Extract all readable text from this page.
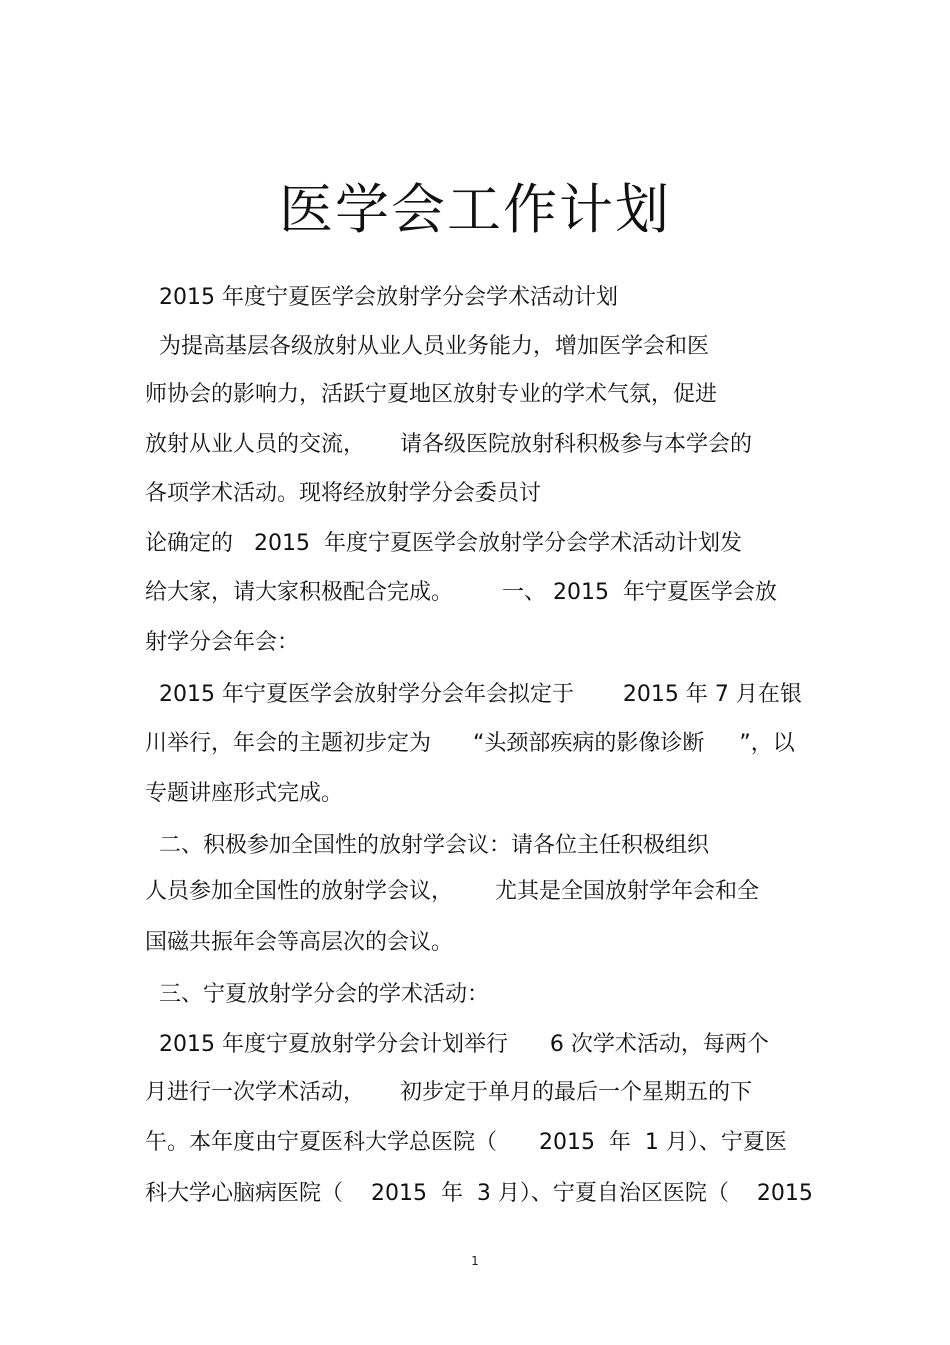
医学会工作计划
2015 年度宁夏医学会放射学分会学术活动计划
为提高基层各级放射从业人员业务能力，增加医学会和医
师协会的影响力，活跃宁夏地区放射专业的学术气氛，促进
放射从业人员的交流，     请各级医院放射科积极参与本学会的
各项学术活动。现将经放射学分会委员讨
论确定的   2015  年度宁夏医学会放射学分会学术活动计划发
给大家，请大家积极配合完成。       一、 2015  年宁夏医学会放
射学分会年会：
2015 年宁夏医学会放射学分会年会拟定于       2015 年 7 月在银
川举行，年会的主题初步定为      “头颈部疾病的影像诊断     ”，以
专题讲座形式完成。
二、积极参加全国性的放射学会议：请各位主任积极组织
人员参加全国性的放射学会议，      尤其是全国放射学年会和全
国磁共振年会等高层次的会议。
三、宁夏放射学分会的学术活动：
2015 年度宁夏放射学分会计划举行      6 次学术活动，每两个
月进行一次学术活动，     初步定于单月的最后一个星期五的下
午。本年度由宁夏医科大学总医院（      2015  年  1 月）、宁夏医
科大学心脑病医院（    2015  年  3 月）、宁夏自治区医院（    2015
1
